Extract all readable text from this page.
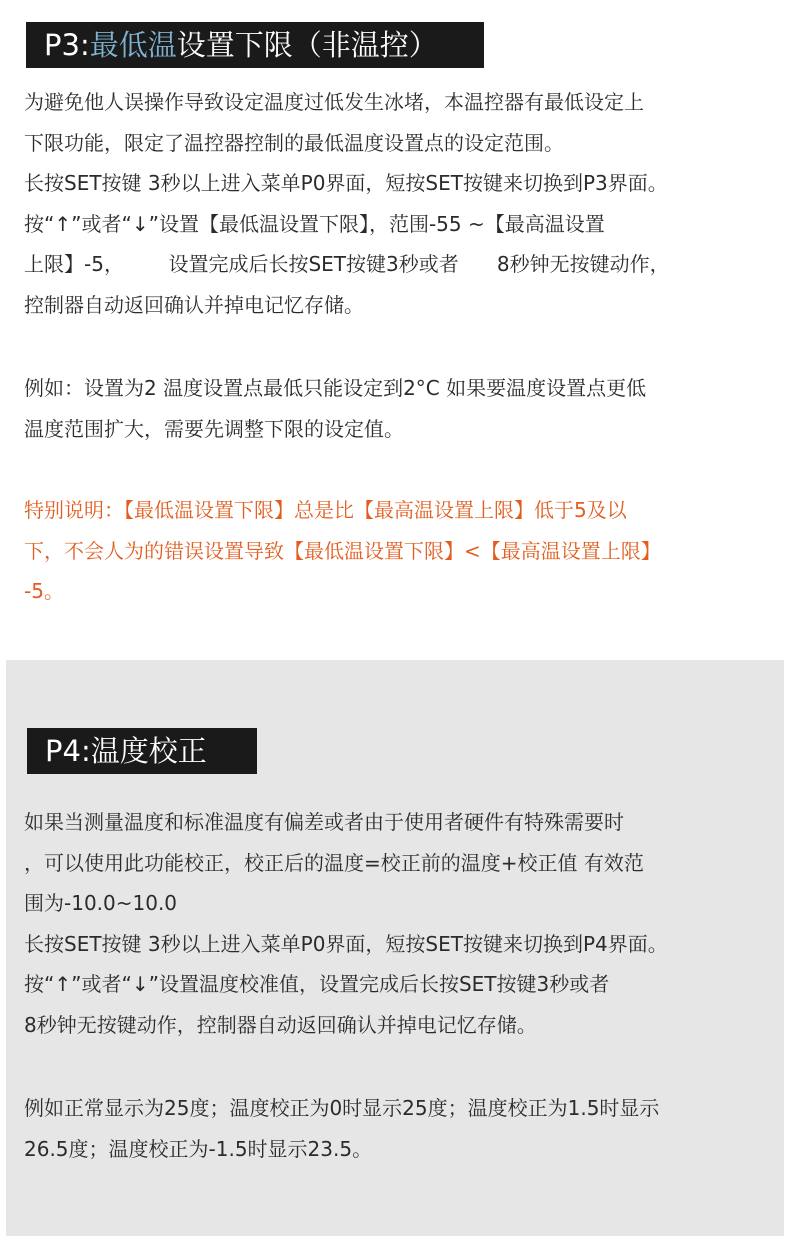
P3:最低温设置下限（非温控）
为避免他人误操作导致设定温度过低发生冰堵，本温控器有最低设定上
下限功能，限定了温控器控制的最低温度设置点的设定范围。
长按SET按键 3秒以上进入菜单P0界面，短按SET按键来切换到P3界面。
按“↑”或者“↓”设置【最低温设置下限】，范围-55 ~【最高温设置
上限】-5，       设置完成后长按SET按键3秒或者      8秒钟无按键动作，
控制器自动返回确认并掉电记忆存储。
例如：设置为2 温度设置点最低只能设定到2°C 如果要温度设置点更低
温度范围扩大，需要先调整下限的设定值。
特别说明：【最低温设置下限】总是比【最高温设置上限】低于5及以
下，不会人为的错误设置导致【最低温设置下限】<【最高温设置上限】
-5。
P4:温度校正
如果当测量温度和标准温度有偏差或者由于使用者硬件有特殊需要时
，可以使用此功能校正，校正后的温度=校正前的温度+校正值 有效范
围为-10.0~10.0
长按SET按键 3秒以上进入菜单P0界面，短按SET按键来切换到P4界面。
按“↑”或者“↓”设置温度校准值，设置完成后长按SET按键3秒或者
8秒钟无按键动作，控制器自动返回确认并掉电记忆存储。
例如正常显示为25度；温度校正为0时显示25度；温度校正为1.5时显示
26.5度；温度校正为-1.5时显示23.5。
